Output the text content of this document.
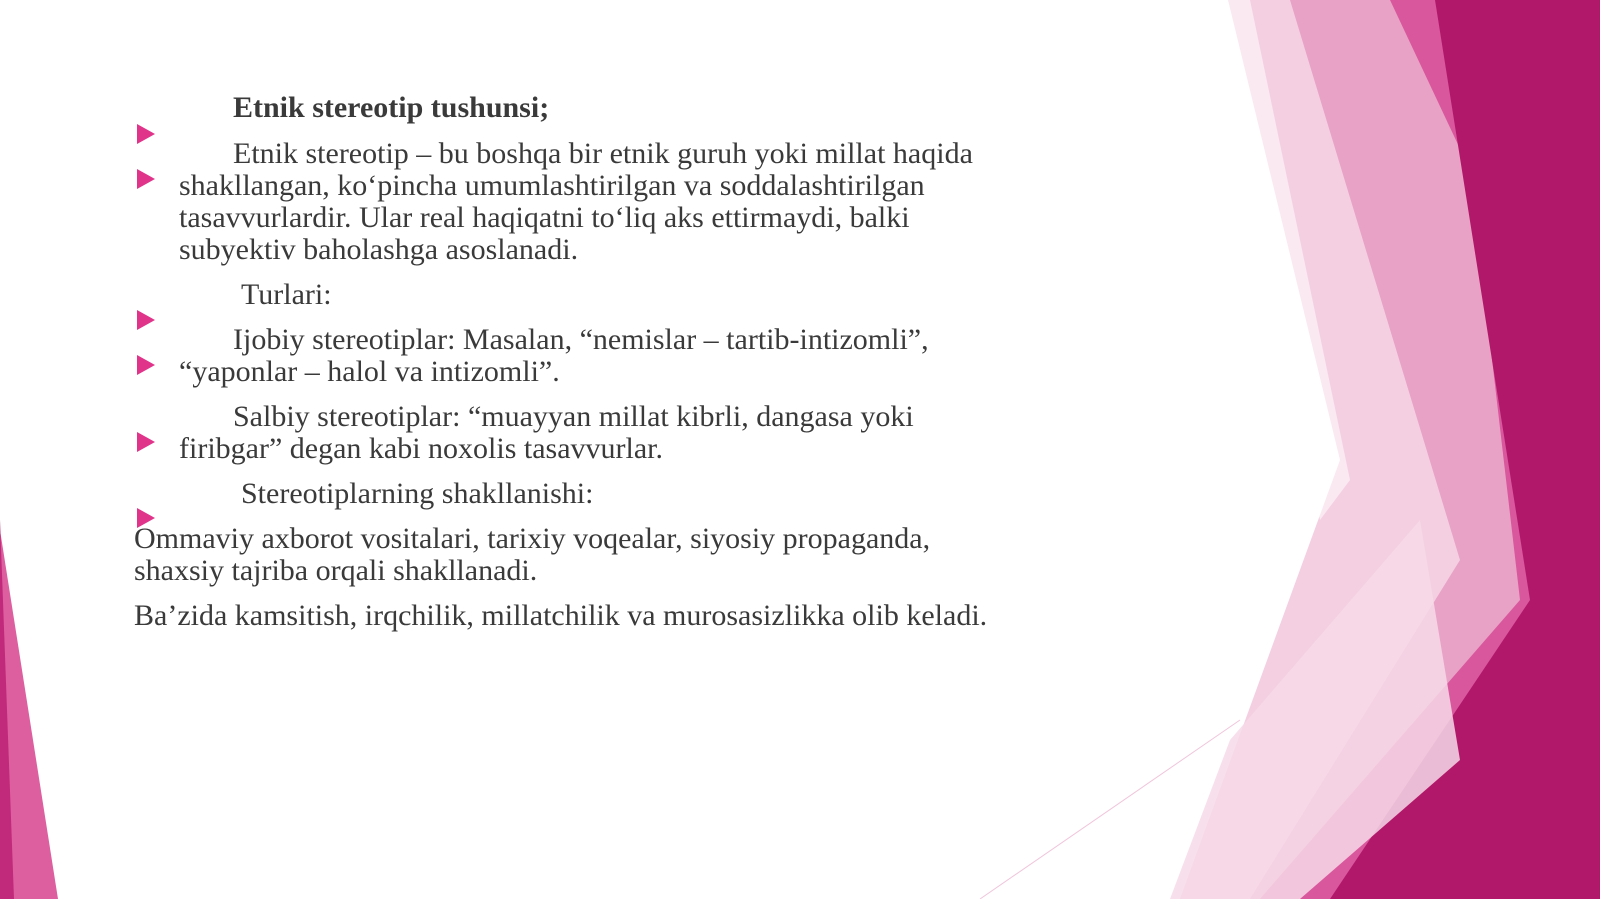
Etnik stereotip tushunsi;
Etnik stereotip – bu boshqa bir etnik guruh yoki millat haqida
shakllangan, ko‘pincha umumlashtirilgan va soddalashtirilgan
tasavvurlardir. Ular real haqiqatni to‘liq aks ettirmaydi, balki
subyektiv baholashga asoslanadi.
Turlari:
Ijobiy stereotiplar: Masalan, “nemislar – tartib-intizomli”,
“yaponlar – halol va intizomli”.
Salbiy stereotiplar: “muayyan millat kibrli, dangasa yoki
firibgar” degan kabi noxolis tasavvurlar.
Stereotiplarning shakllanishi:
Ommaviy axborot vositalari, tarixiy voqealar, siyosiy propaganda,
shaxsiy tajriba orqali shakllanadi.
Ba’zida kamsitish, irqchilik, millatchilik va murosasizlikka olib keladi.
